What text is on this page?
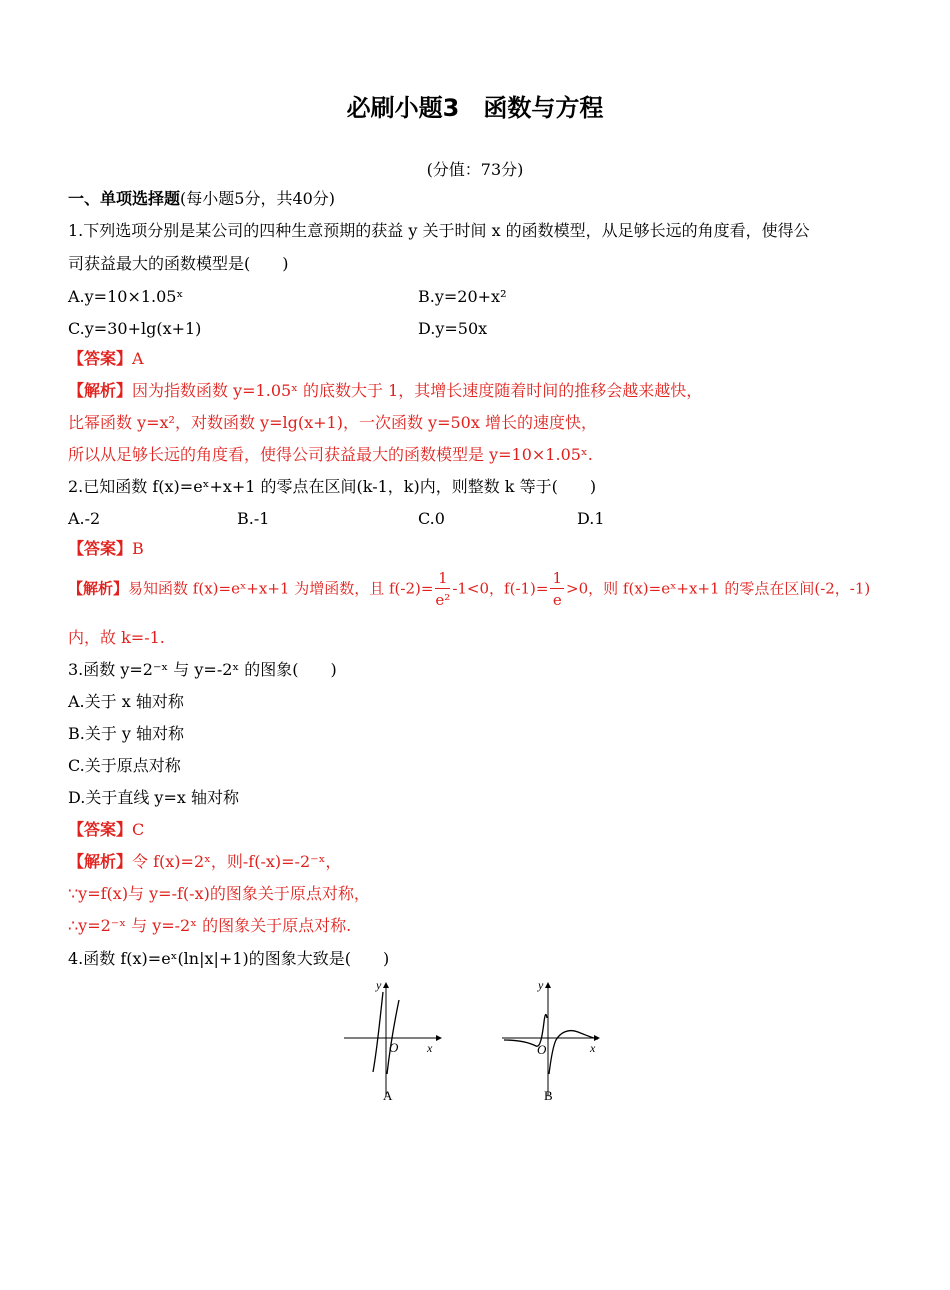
必刷小题3　函数与方程
(分值：73分)
一、单项选择题(每小题5分，共40分)
1.下列选项分别是某公司的四种生意预期的获益 y 关于时间 x 的函数模型，从足够长远的角度看，使得公
司获益最大的函数模型是(　　)
A.y=10×1.05ˣ	B.y=20+x²
C.y=30+lg(x+1)	D.y=50x
【答案】A
【解析】因为指数函数 y=1.05ˣ 的底数大于 1，其增长速度随着时间的推移会越来越快，
比幂函数 y=x²，对数函数 y=lg(x+1)，一次函数 y=50x 增长的速度快，
所以从足够长远的角度看，使得公司获益最大的函数模型是 y=10×1.05ˣ.
2.已知函数 f(x)=eˣ+x+1 的零点在区间(k-1，k)内，则整数 k 等于(　　)
A.-2	B.-1	C.0	D.1
【答案】B
【解析】易知函数 f(x)=eˣ+x+1 为增函数，且 $f(-2)= \frac{1}{\text{e²}} -1<0$，$f(-1)= \frac{1}{e} >0$，则 f(x)=eˣ+x+1 的零点在区间(-2，-1)
内，故 k=-1.
3.函数 y=2⁻ˣ 与 y=-2ˣ 的图象(　　)
A.关于 x 轴对称
B.关于 y 轴对称
C.关于原点对称
D.关于直线 y=x 轴对称
【答案】C
【解析】令 f(x)=2ˣ，则-f(-x)=-2⁻ˣ，
∵y=f(x)与 y=-f(-x)的图象关于原点对称，
∴y=2⁻ˣ 与 y=-2ˣ 的图象关于原点对称.
4.函数 f(x)=eˣ(ln|x|+1)的图象大致是(　　)
y
x
O
A
y
x
O
B
